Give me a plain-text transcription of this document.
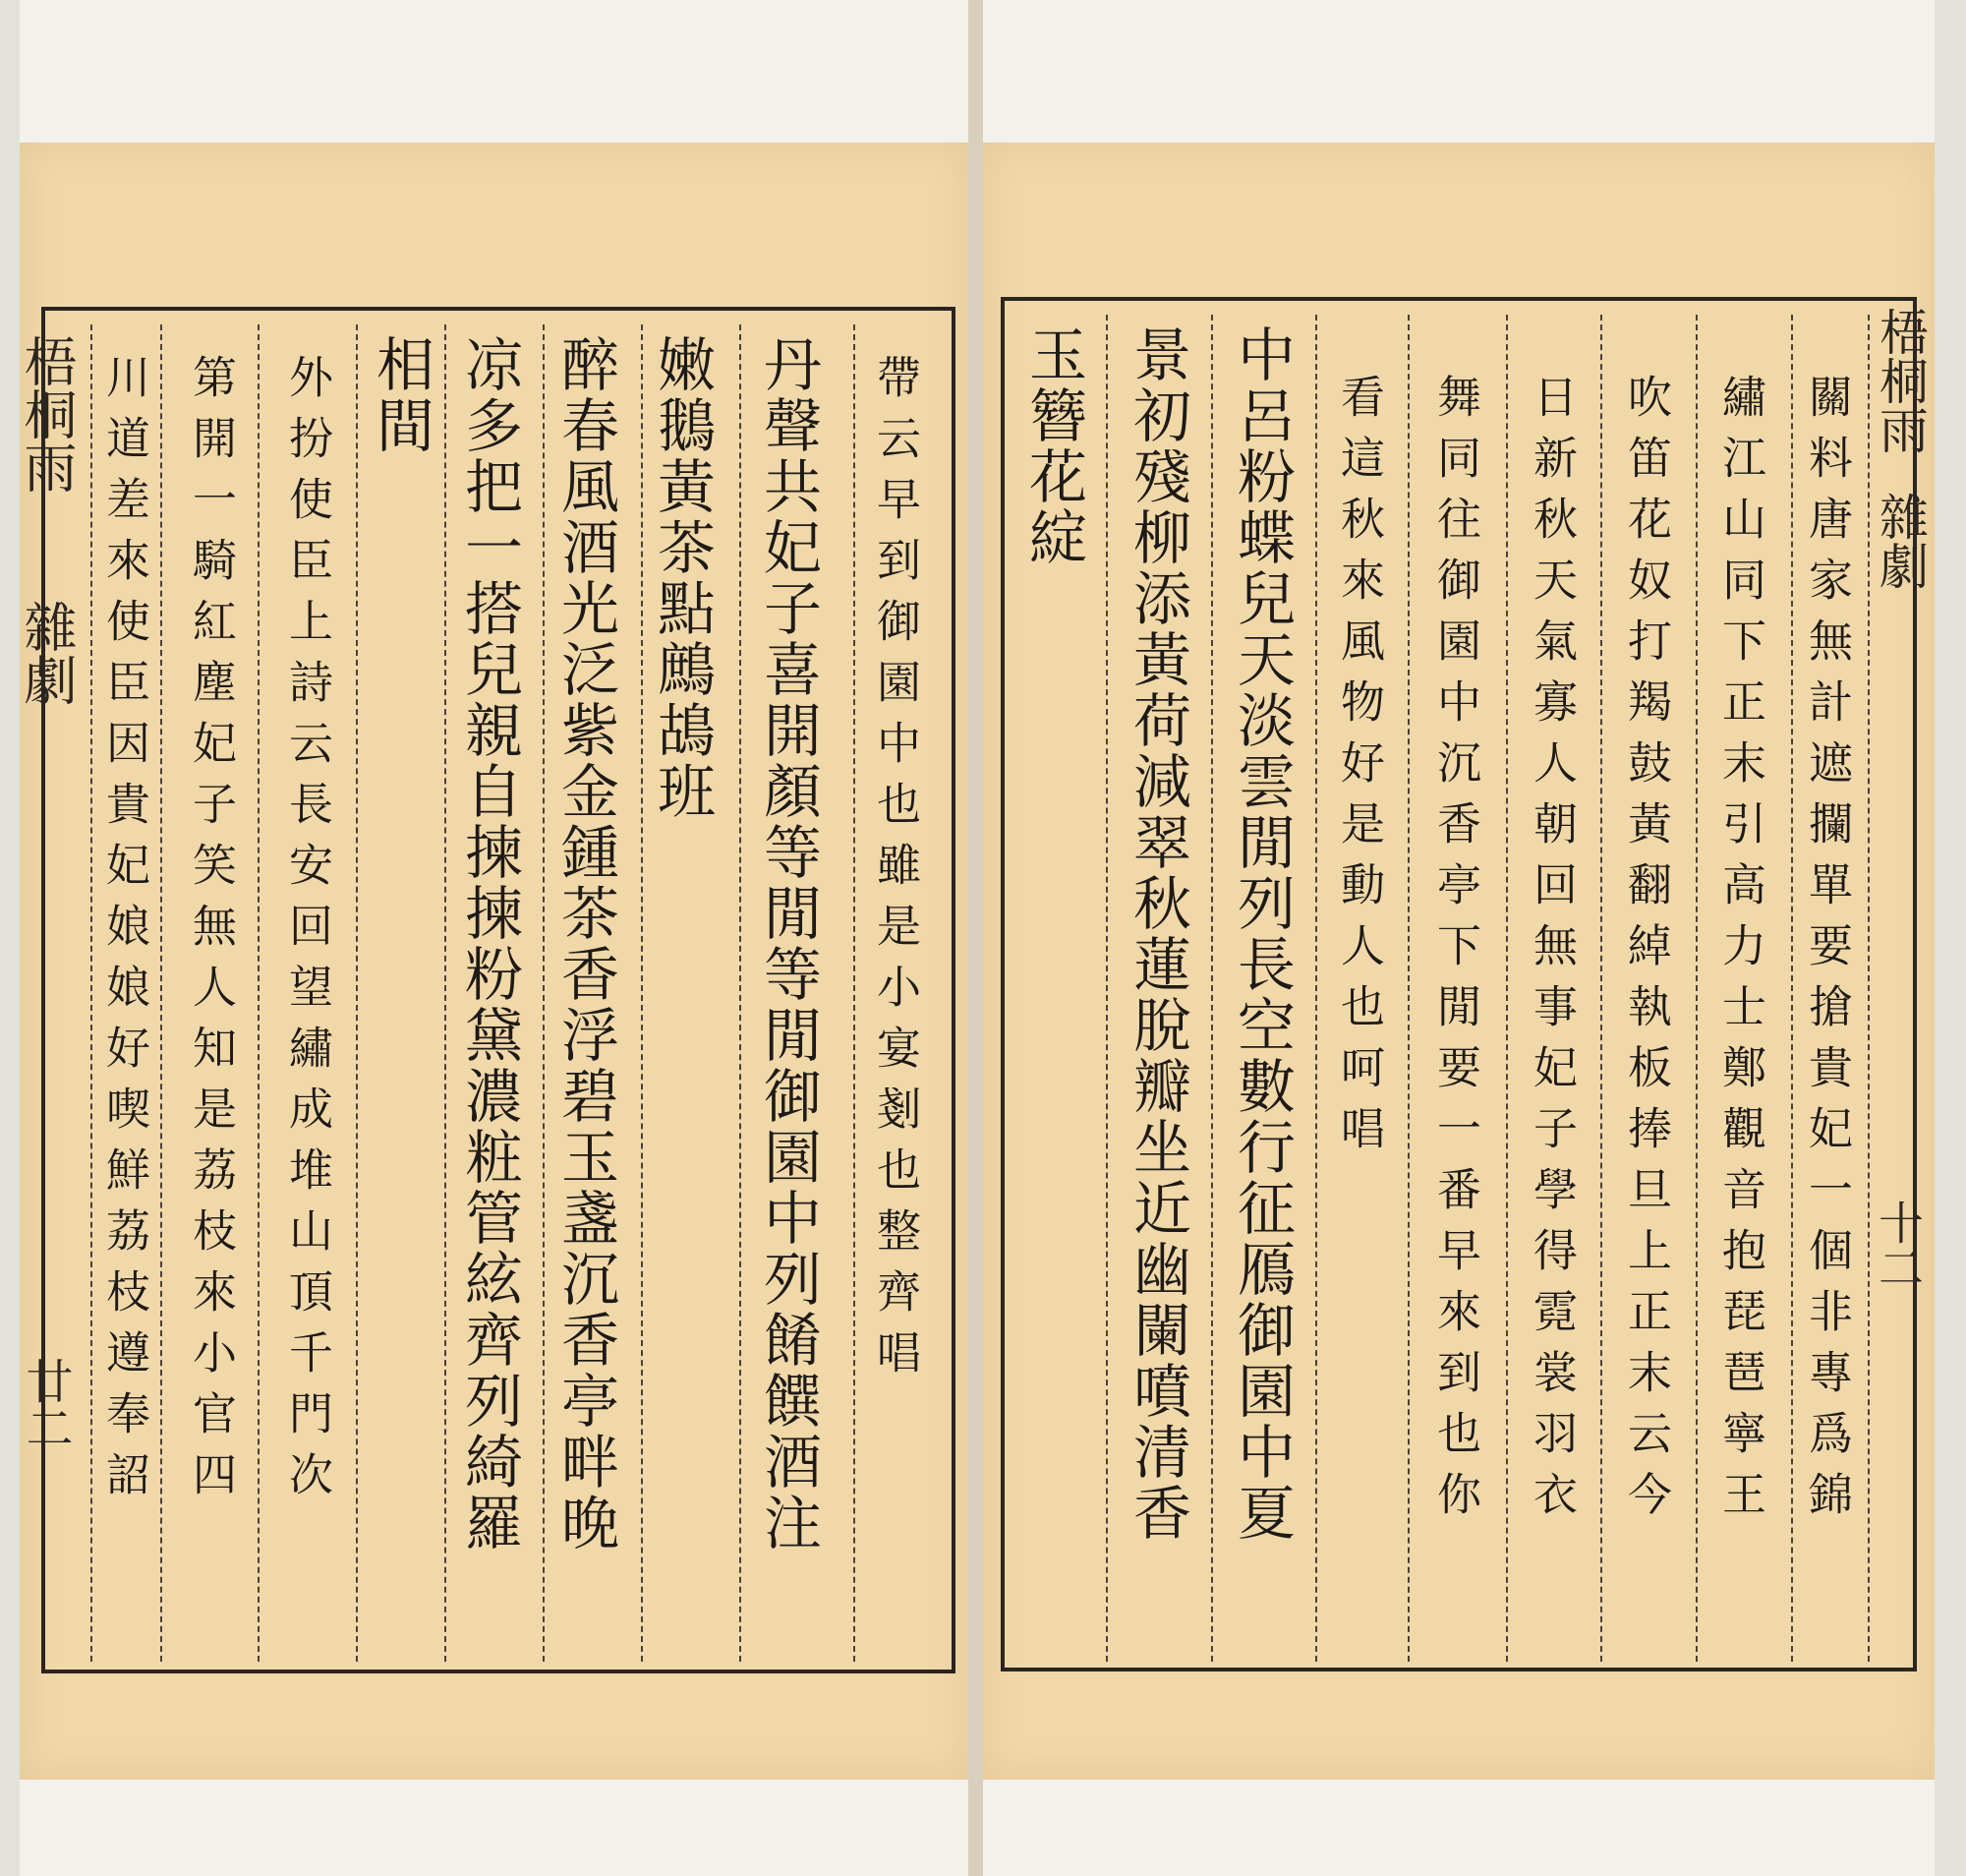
梧桐雨
雜劇
廿二 川道差來使臣因貴妃娘娘好喫鮮荔枝遵奉詔 第開一騎紅塵妃子笑無人知是荔枝來小官四 外扮使臣上詩云長安回望繡成堆山頂千門次 相間 凉多把一搭兒親自揀揀粉黛濃粧管絃齊列綺羅 醉春風酒光泛紫金鍾茶香浮碧玉盞沉香亭畔晚 嫩鵝黃茶點鷓鴣班 丹聲共妃子喜開顏等閒等閒御園中列餚饌酒注 帶云早到御園中也雖是小宴剗也整齊唱	梧桐雨
雜劇
十二
玉簪花綻 景初殘柳添黃荷減翠秋蓮脫瓣坐近幽闌噴清香 中呂粉蝶兒天淡雲閒列長空數行征鴈御園中夏 看這秋來風物好是動人也呵唱 舞同往御園中沉香亭下閒要一番早來到也你 日新秋天氣寡人朝回無事妃子學得霓裳羽衣 吹笛花奴打羯鼓黃翻綽執板捧旦上正末云今 繡江山同下正末引高力士鄭觀音抱琵琶寧王 關料唐家無計遮攔單要搶貴妃一個非專爲錦
